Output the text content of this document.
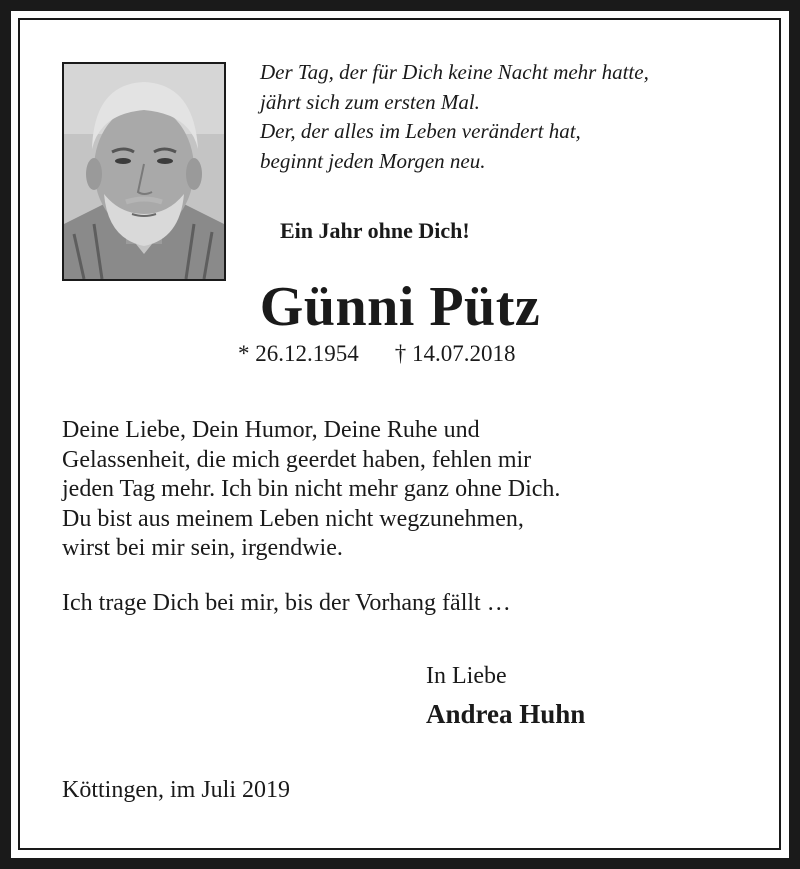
Der Tag, der für Dich keine Nacht mehr hatte,
jährt sich zum ersten Mal.
Der, der alles im Leben verändert hat,
beginnt jeden Morgen neu.
Ein Jahr ohne Dich!
Günni Pütz
* 26.12.1954 † 14.07.2018
Deine Liebe, Dein Humor, Deine Ruhe und
Gelassenheit, die mich geerdet haben, fehlen mir
jeden Tag mehr. Ich bin nicht mehr ganz ohne Dich.
Du bist aus meinem Leben nicht wegzunehmen,
wirst bei mir sein, irgendwie.
Ich trage Dich bei mir, bis der Vorhang fällt …
In Liebe
Andrea Huhn
Köttingen, im Juli 2019
